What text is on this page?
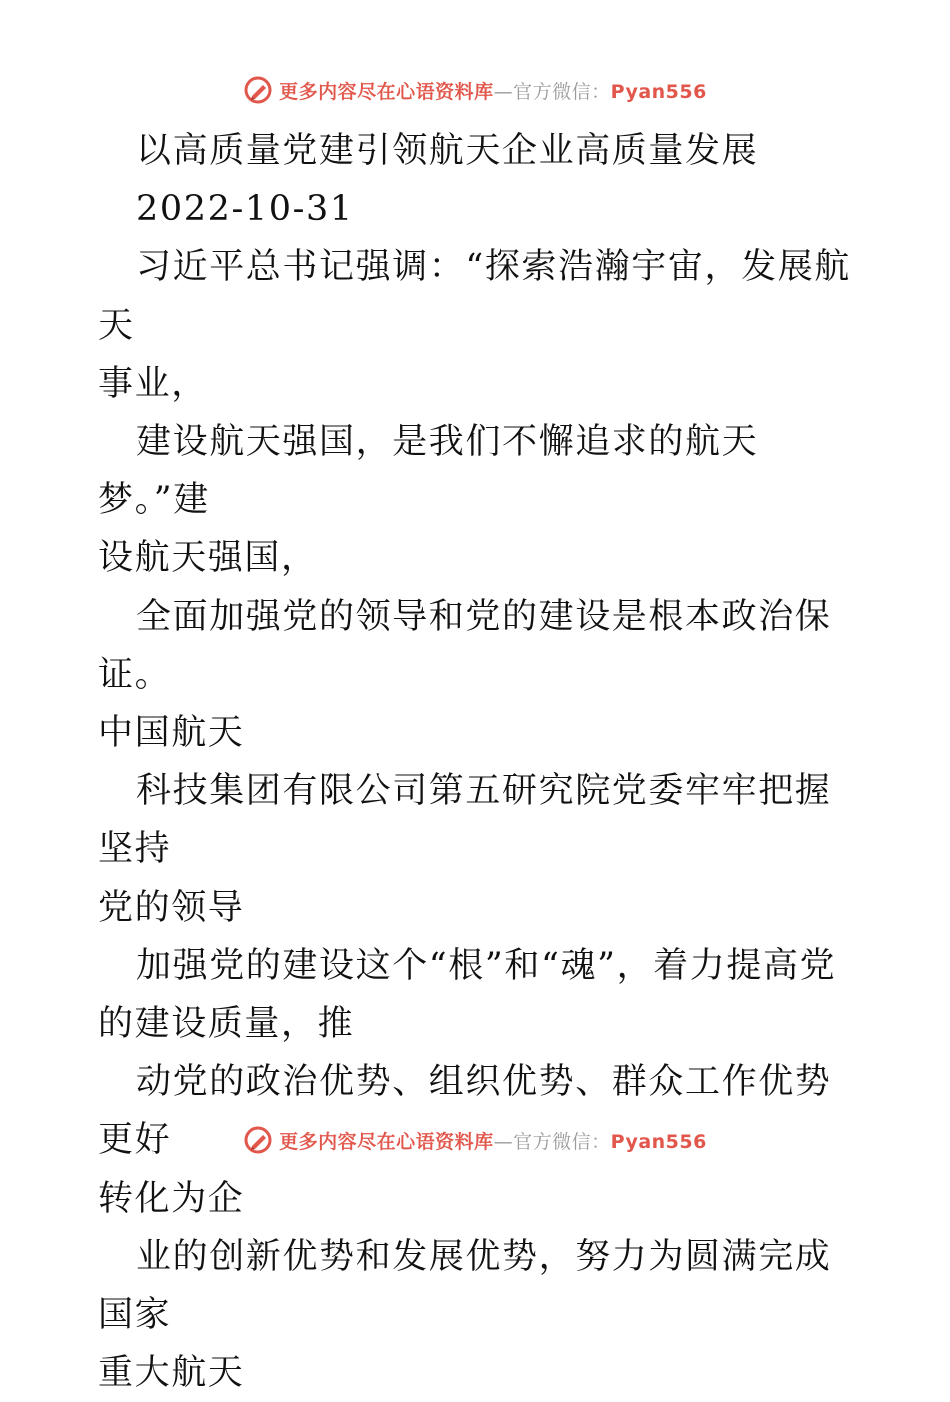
更多内容尽在心语资料库—官方微信：Pyan556

以高质量党建引领航天企业高质量发展

2022-10-31

习近平总书记强调：“探索浩瀚宇宙，发展航天

事业，

建设航天强国，是我们不懈追求的航天梦。”建

设航天强国，

全面加强党的领导和党的建设是根本政治保证。

中国航天

科技集团有限公司第五研究院党委牢牢把握坚持

党的领导

加强党的建设这个“根”和“魂”，着力提高党

的建设质量，推

动党的政治优势、组织优势、群众工作优势更好

转化为企

业的创新优势和发展优势，努力为圆满完成国家

重大航天

更多内容尽在心语资料库—官方微信：Pyan556
